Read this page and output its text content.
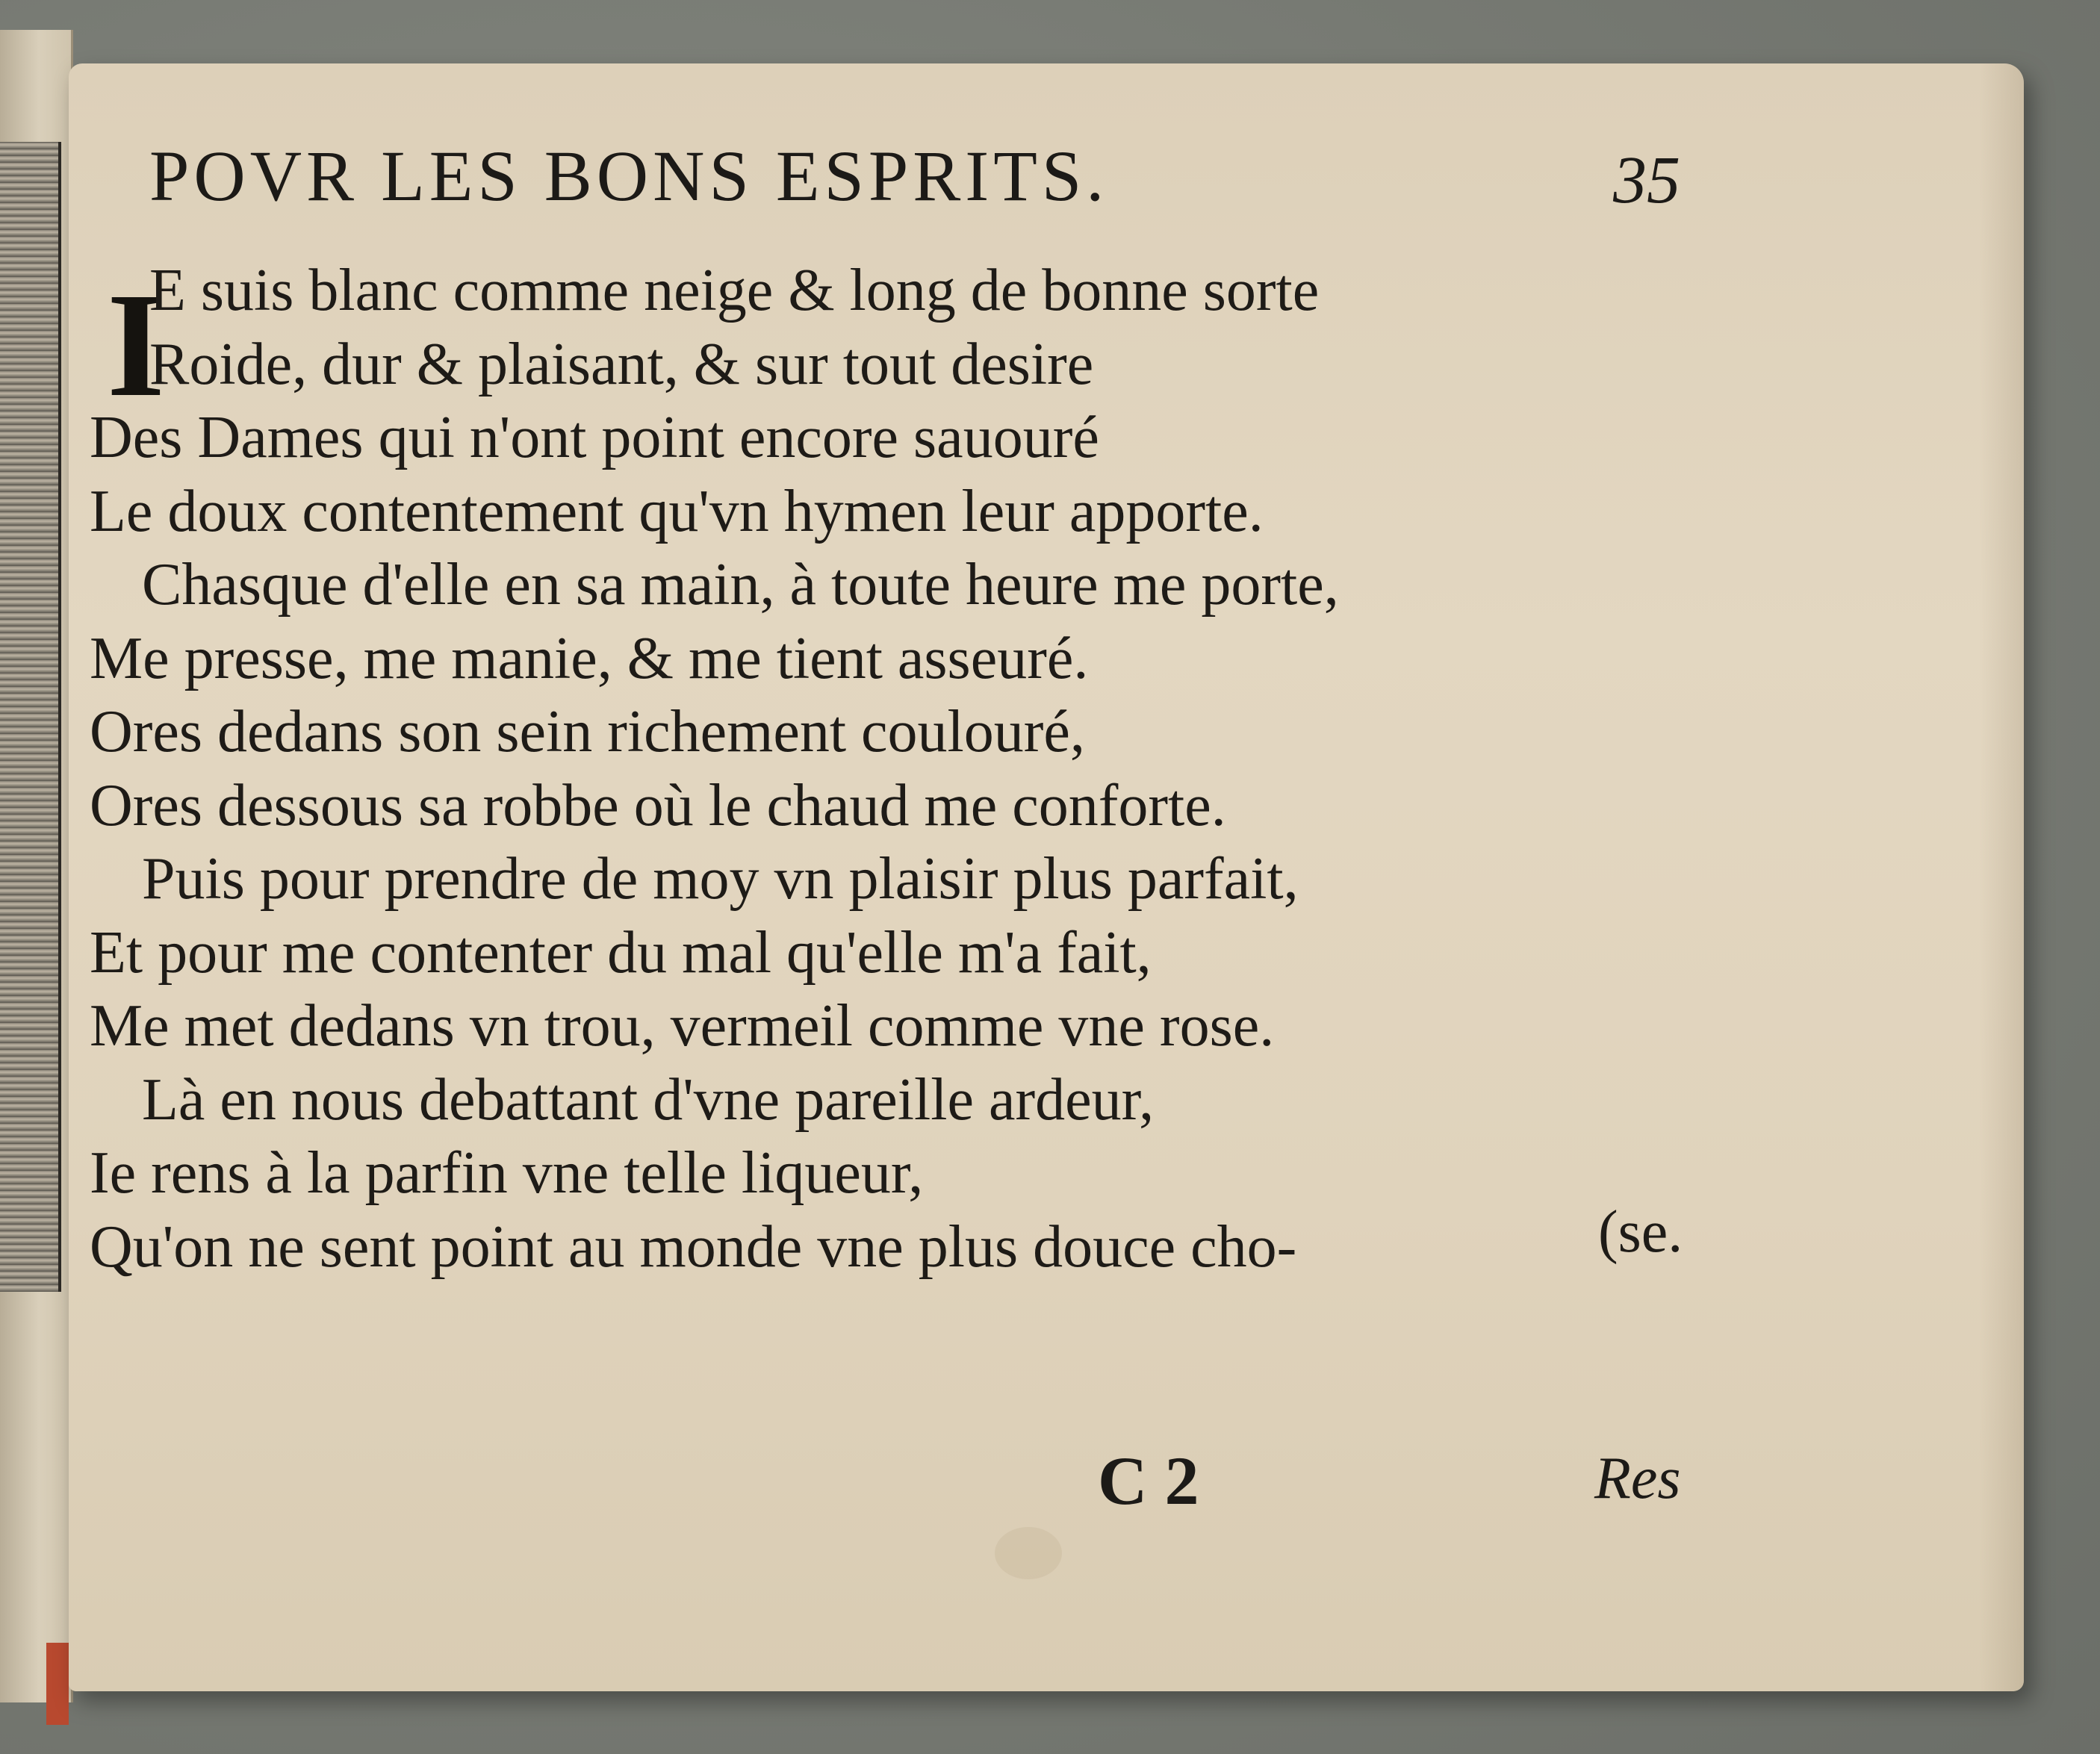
POVR LES BONS ESPRITS.	35
I
E suis blanc comme neige & long de bonne sorte
Roide, dur & plaisant, & sur tout desire
Des Dames qui n'ont point encore sauouré
Le doux contentement qu'vn hymen leur apporte.
Chasque d'elle en sa main, à toute heure me porte,
Me presse, me manie, & me tient asseuré.
Ores dedans son sein richement coulouré,
Ores dessous sa robbe où le chaud me conforte.
Puis pour prendre de moy vn plaisir plus parfait,
Et pour me contenter du mal qu'elle m'a fait,
Me met dedans vn trou, vermeil comme vne rose.
Là en nous debattant d'vne pareille ardeur,
Ie rens à la parfin vne telle liqueur,
Qu'on ne sent point au monde vne plus douce cho-	(se.
C 2	Res
